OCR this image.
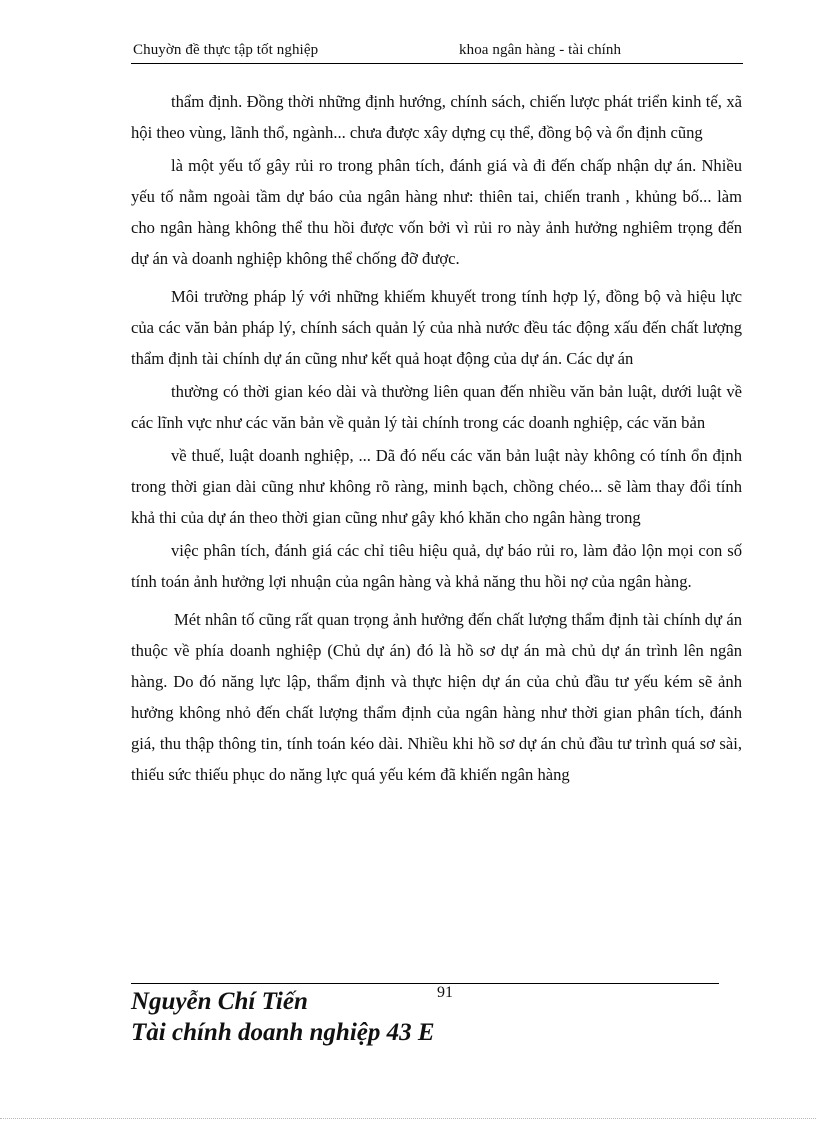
Chuyờn đề thực tập tốt nghiệp	khoa ngân hàng - tài chính

thẩm định. Đồng thời những định hướng, chính sách, chiến lược phát triển kinh tế, xã hội theo vùng, lãnh thổ, ngành... chưa được xây dựng cụ thể, đồng bộ và ổn định cũng

là một yếu tố gây rủi ro trong phân tích, đánh giá và đi đến chấp nhận dự án. Nhiều yếu tố nằm ngoài tầm dự báo của ngân hàng như: thiên tai, chiến tranh , khủng bố... làm cho ngân hàng không thể thu hồi được vốn bởi vì rủi ro này ảnh hưởng nghiêm trọng đến dự án và doanh nghiệp không thể chống đỡ được.

Môi trường pháp lý với những khiếm khuyết trong tính hợp lý, đồng bộ và hiệu lực của các văn bản pháp lý, chính sách quản lý của nhà nước đều tác động xấu đến chất lượng thẩm định tài chính dự án cũng như kết quả hoạt động của dự án. Các dự án

thường có thời gian kéo dài và thường liên quan đến nhiều văn bản luật, dưới luật về các lĩnh vực như các văn bản về quản lý tài chính trong các doanh nghiệp, các văn bản

về thuế, luật doanh nghiệp, ... Dã đó nếu các văn bản luật này không có tính ổn định trong thời gian dài cũng như không rõ ràng, minh bạch, chồng chéo... sẽ làm thay đổi tính khả thi của dự án theo thời gian cũng như gây khó khăn cho ngân hàng trong

việc phân tích, đánh giá các chỉ tiêu hiệu quả, dự báo rủi ro, làm đảo lộn mọi con số tính toán ảnh hưởng lợi nhuận của ngân hàng và khả năng thu hồi nợ của ngân hàng.

Mét nhân tố cũng rất quan trọng ảnh hưởng đến chất lượng thẩm định tài chính dự án thuộc về phía doanh nghiệp (Chủ dự án) đó là hồ sơ dự án mà chủ dự án trình lên ngân hàng. Do đó năng lực lập, thẩm định và thực hiện dự án của chủ đầu tư yếu kém sẽ ảnh hưởng không nhỏ đến chất lượng thẩm định của ngân hàng như thời gian phân tích, đánh giá, thu thập thông tin, tính toán kéo dài. Nhiều khi hồ sơ dự án chủ đầu tư trình quá sơ sài, thiếu sức thiếu phục do năng lực quá yếu kém đã khiến ngân hàng

91
Nguyễn Chí Tiến
Tài chính doanh nghiệp 43 E
